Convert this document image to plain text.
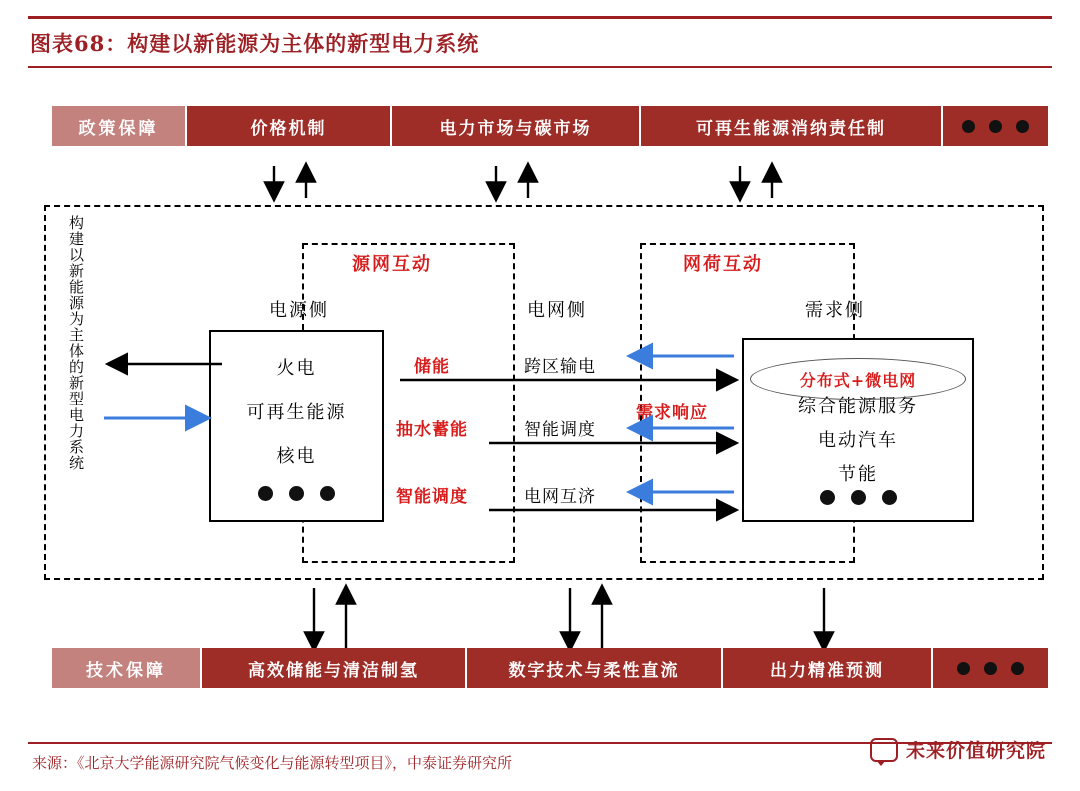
图表68：构建以新能源为主体的新型电力系统
政策保障	价格机制	电力市场与碳市场	可再生能源消纳责任制
构建以新能源为主体的新型电力系统	源网互动	网荷互动
电源侧	电网侧	需求侧
火电
可再生能源
核电
综合能源服务
电动汽车
节能
分布式+微电网
跨区输电
智能调度
电网互济
储能
抽水蓄能
智能调度
需求响应
技术保障	高效储能与清洁制氢	数字技术与柔性直流	出力精准预测
来源：《北京大学能源研究院气候变化与能源转型项目》，中泰证券研究所
未来价值研究院
